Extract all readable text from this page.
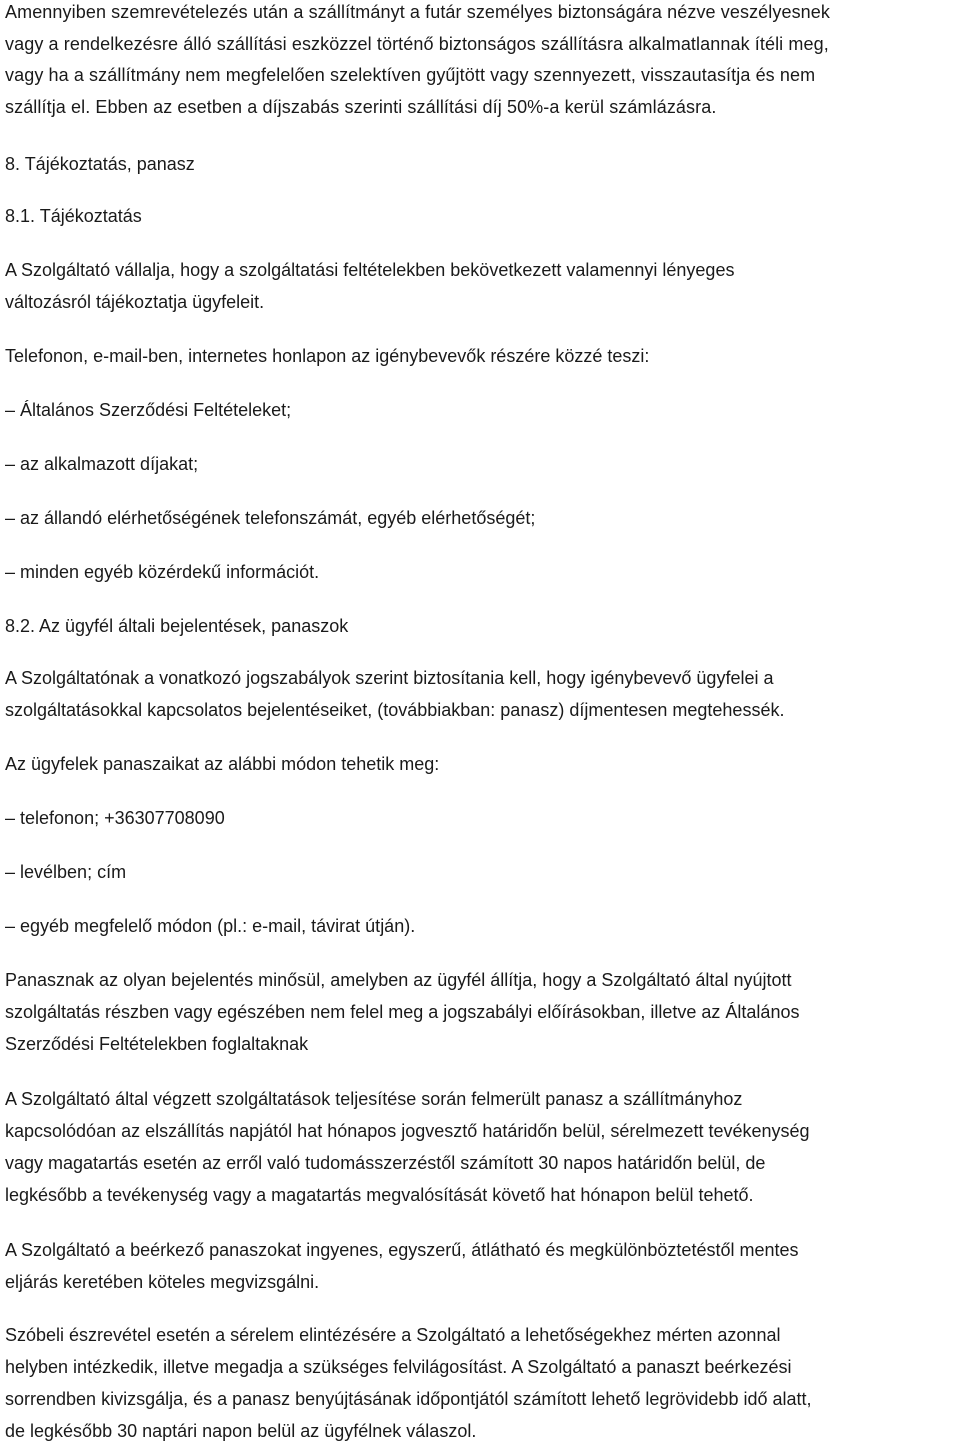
Amennyiben szemrevételezés után a szállítmányt a futár személyes biztonságára nézve veszélyesnek
vagy a rendelkezésre álló szállítási eszközzel történő biztonságos szállításra alkalmatlannak ítéli meg,
vagy ha a szállítmány nem megfelelően szelektíven gyűjtött vagy szennyezett, visszautasítja és nem
szállítja el. Ebben az esetben a díjszabás szerinti szállítási díj 50%-a kerül számlázásra.

8. Tájékoztatás, panasz
8.1. Tájékoztatás

A Szolgáltató vállalja, hogy a szolgáltatási feltételekben bekövetkezett valamennyi lényeges
változásról tájékoztatja ügyfeleit.

Telefonon, e-mail-ben, internetes honlapon az igénybevevők részére közzé teszi:
– Általános Szerződési Feltételeket;
– az alkalmazott díjakat;
– az állandó elérhetőségének telefonszámát, egyéb elérhetőségét;
– minden egyéb közérdekű információt.
8.2. Az ügyfél általi bejelentések, panaszok

A Szolgáltatónak a vonatkozó jogszabályok szerint biztosítania kell, hogy igénybevevő ügyfelei a
szolgáltatásokkal kapcsolatos bejelentéseiket, (továbbiakban: panasz) díjmentesen megtehessék.

Az ügyfelek panaszaikat az alábbi módon tehetik meg:
– telefonon; +36307708090
– levélben; cím
– egyéb megfelelő módon (pl.: e-mail, távirat útján).

Panasznak az olyan bejelentés minősül, amelyben az ügyfél állítja, hogy a Szolgáltató által nyújtott
szolgáltatás részben vagy egészében nem felel meg a jogszabályi előírásokban, illetve az Általános
Szerződési Feltételekben foglaltaknak

A Szolgáltató által végzett szolgáltatások teljesítése során felmerült panasz a szállítmányhoz
kapcsolódóan az elszállítás napjától hat hónapos jogvesztő határidőn belül, sérelmezett tevékenység
vagy magatartás esetén az erről való tudomásszerzéstől számított 30 napos határidőn belül, de
legkésőbb a tevékenység vagy a magatartás megvalósítását követő hat hónapon belül tehető.

A Szolgáltató a beérkező panaszokat ingyenes, egyszerű, átlátható és megkülönböztetéstől mentes
eljárás keretében köteles megvizsgálni.

Szóbeli észrevétel esetén a sérelem elintézésére a Szolgáltató a lehetőségekhez mérten azonnal
helyben intézkedik, illetve megadja a szükséges felvilágosítást. A Szolgáltató a panaszt beérkezési
sorrendben kivizsgálja, és a panasz benyújtásának időpontjától számított lehető legrövidebb idő alatt,
de legkésőbb 30 naptári napon belül az ügyfélnek válaszol.
